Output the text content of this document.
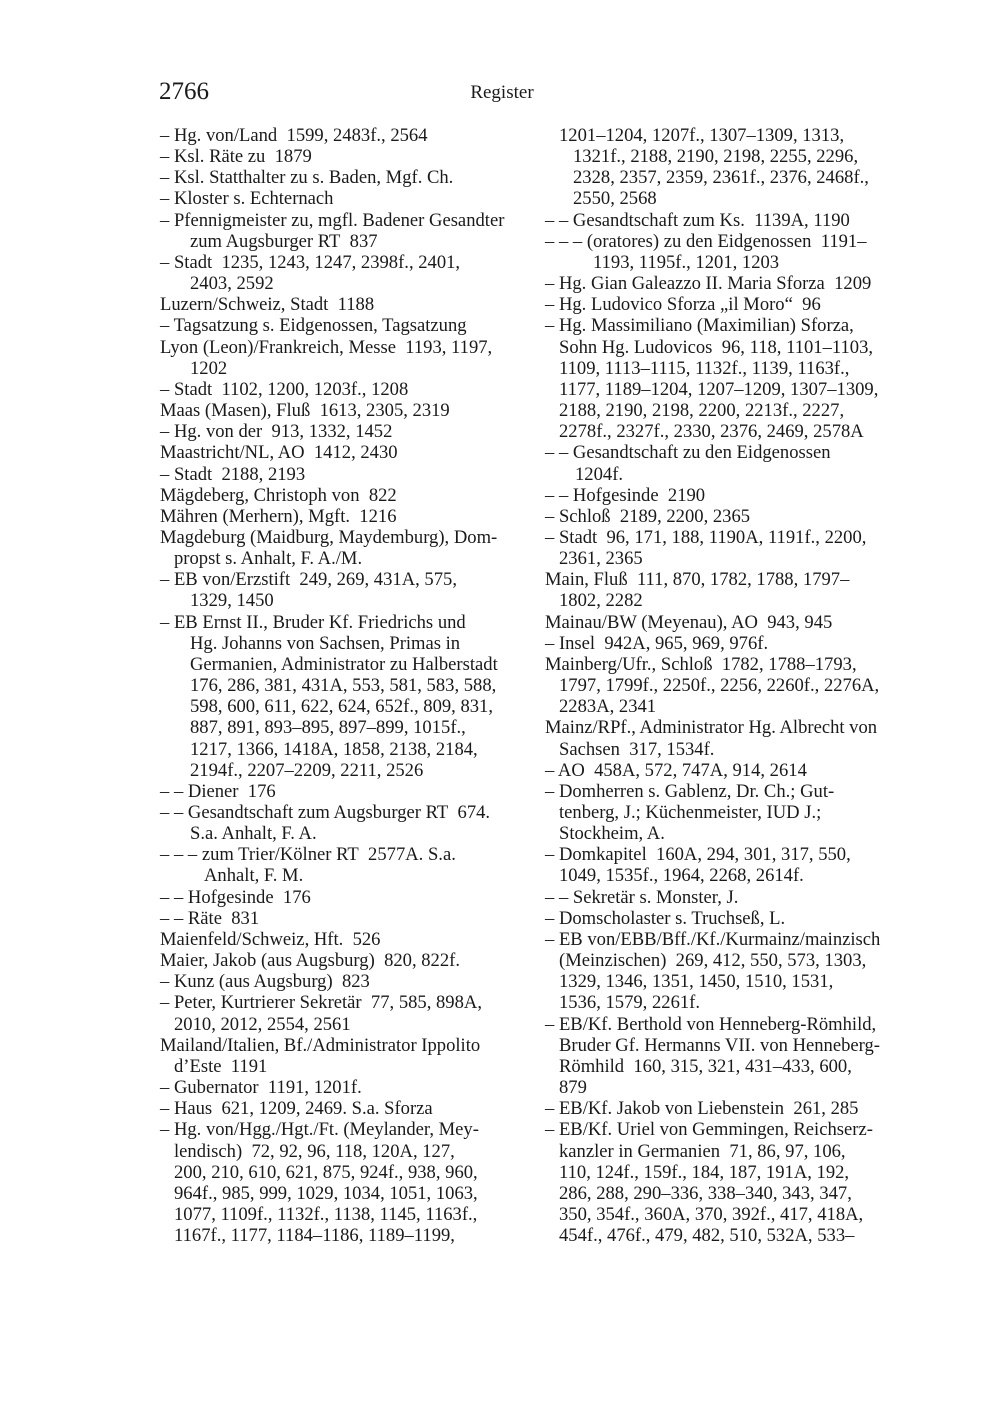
2766	Register
– Hg. von/Land 1599, 2483f., 2564
– Ksl. Räte zu 1879
– Ksl. Statthalter zu s. Baden, Mgf. Ch.
– Kloster s. Echternach
– Pfennigmeister zu, mgfl. Badener Gesandter
zum Augsburger RT 837
– Stadt 1235, 1243, 1247, 2398f., 2401,
2403, 2592
Luzern/Schweiz, Stadt 1188
– Tagsatzung s. Eidgenossen, Tagsatzung
Lyon (Leon)/Frankreich, Messe 1193, 1197,
1202
– Stadt 1102, 1200, 1203f., 1208
Maas (Masen), Fluß 1613, 2305, 2319
– Hg. von der 913, 1332, 1452
Maastricht/NL, AO 1412, 2430
– Stadt 2188, 2193
Mägdeberg, Christoph von 822
Mähren (Merhern), Mgft. 1216
Magdeburg (Maidburg, Maydemburg), Dom-
propst s. Anhalt, F. A./M.
– EB von/Erzstift 249, 269, 431A, 575,
1329, 1450
– EB Ernst II., Bruder Kf. Friedrichs und
Hg. Johanns von Sachsen, Primas in
Germanien, Administrator zu Halberstadt
176, 286, 381, 431A, 553, 581, 583, 588,
598, 600, 611, 622, 624, 652f., 809, 831,
887, 891, 893–895, 897–899, 1015f.,
1217, 1366, 1418A, 1858, 2138, 2184,
2194f., 2207–2209, 2211, 2526
– – Diener 176
– – Gesandtschaft zum Augsburger RT 674.
S.a. Anhalt, F. A.
– – – zum Trier/Kölner RT 2577A. S.a.
Anhalt, F. M.
– – Hofgesinde 176
– – Räte 831
Maienfeld/Schweiz, Hft. 526
Maier, Jakob (aus Augsburg) 820, 822f.
– Kunz (aus Augsburg) 823
– Peter, Kurtrierer Sekretär 77, 585, 898A,
2010, 2012, 2554, 2561
Mailand/Italien, Bf./Administrator Ippolito
d’Este 1191
– Gubernator 1191, 1201f.
– Haus 621, 1209, 2469. S.a. Sforza
– Hg. von/Hgg./Hgt./Ft. (Meylander, Mey-
lendisch) 72, 92, 96, 118, 120A, 127,
200, 210, 610, 621, 875, 924f., 938, 960,
964f., 985, 999, 1029, 1034, 1051, 1063,
1077, 1109f., 1132f., 1138, 1145, 1163f.,
1167f., 1177, 1184–1186, 1189–1199,
1201–1204, 1207f., 1307–1309, 1313,
1321f., 2188, 2190, 2198, 2255, 2296,
2328, 2357, 2359, 2361f., 2376, 2468f.,
2550, 2568
– – Gesandtschaft zum Ks. 1139A, 1190
– – – (oratores) zu den Eidgenossen 1191–
1193, 1195f., 1201, 1203
– Hg. Gian Galeazzo II. Maria Sforza 1209
– Hg. Ludovico Sforza „il Moro“ 96
– Hg. Massimiliano (Maximilian) Sforza,
Sohn Hg. Ludovicos 96, 118, 1101–1103,
1109, 1113–1115, 1132f., 1139, 1163f.,
1177, 1189–1204, 1207–1209, 1307–1309,
2188, 2190, 2198, 2200, 2213f., 2227,
2278f., 2327f., 2330, 2376, 2469, 2578A
– – Gesandtschaft zu den Eidgenossen
1204f.
– – Hofgesinde 2190
– Schloß 2189, 2200, 2365
– Stadt 96, 171, 188, 1190A, 1191f., 2200,
2361, 2365
Main, Fluß 111, 870, 1782, 1788, 1797–
1802, 2282
Mainau/BW (Meyenau), AO 943, 945
– Insel 942A, 965, 969, 976f.
Mainberg/Ufr., Schloß 1782, 1788–1793,
1797, 1799f., 2250f., 2256, 2260f., 2276A,
2283A, 2341
Mainz/RPf., Administrator Hg. Albrecht von
Sachsen 317, 1534f.
– AO 458A, 572, 747A, 914, 2614
– Domherren s. Gablenz, Dr. Ch.; Gut-
tenberg, J.; Küchenmeister, IUD J.;
Stockheim, A.
– Domkapitel 160A, 294, 301, 317, 550,
1049, 1535f., 1964, 2268, 2614f.
– – Sekretär s. Monster, J.
– Domscholaster s. Truchseß, L.
– EB von/EBB/Bff./Kf./Kurmainz/mainzisch
(Meinzischen) 269, 412, 550, 573, 1303,
1329, 1346, 1351, 1450, 1510, 1531,
1536, 1579, 2261f.
– EB/Kf. Berthold von Henneberg-Römhild,
Bruder Gf. Hermanns VII. von Henneberg-
Römhild 160, 315, 321, 431–433, 600,
879
– EB/Kf. Jakob von Liebenstein 261, 285
– EB/Kf. Uriel von Gemmingen, Reichserz-
kanzler in Germanien 71, 86, 97, 106,
110, 124f., 159f., 184, 187, 191A, 192,
286, 288, 290–336, 338–340, 343, 347,
350, 354f., 360A, 370, 392f., 417, 418A,
454f., 476f., 479, 482, 510, 532A, 533–
